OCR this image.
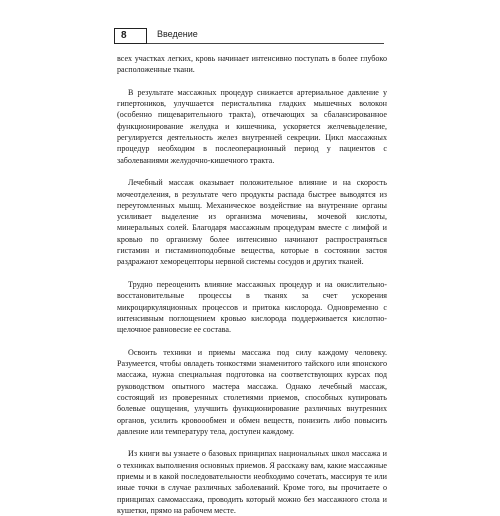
8	Введение

всех участках легких, кровь начинает интенсивно поступать в более глубоко расположенные ткани.

В результате массажных процедур снижается артериальное давление у гипертоников, улучшается перистальтика гладких мышечных волокон (особенно пищеварительного тракта), отвечающих за сбалансированное функционирование желудка и кишечника, ускоряется желчевыделение, регулируется деятельность желез внутренней секреции. Цикл массажных процедур необходим в послеоперационный период у пациентов с заболеваниями желудочно-кишечного тракта.

Лечебный массаж оказывает положительное влияние и на скорость мочеотделения, в результате чего продукты распада быстрее выводятся из переутомленных мышц. Механическое воздействие на внутренние органы усиливает выделение из организма мочевины, мочевой кислоты, минеральных солей. Благодаря массажным процедурам вместе с лимфой и кровью по организму более интенсивно начинают распространяться гистамин и гистаминоподобные вещества, которые в состоянии застоя раздражают хеморецепторы нервной системы сосудов и других тканей.

Трудно переоценить влияние массажных процедур и на окислительно-восстановительные процессы в тканях за счет ускорения микроциркуляционных процессов и притока кислорода. Одновременно с интенсивным поглощением кровью кислорода поддерживается кислотно-щелочное равновесие ее состава.

Освоить техники и приемы массажа под силу каждому человеку. Разумеется, чтобы овладеть тонкостями знаменитого тайского или японского массажа, нужна специальная подготовка на соответствующих курсах под руководством опытного мастера массажа. Однако лечебный массаж, состоящий из проверенных столетиями приемов, способных купировать болевые ощущения, улучшить функционирование различных внутренних органов, усилить кровоообмен и обмен веществ, понизить либо повысить давление или температуру тела, доступен каждому.

Из книги вы узнаете о базовых принципах национальных школ массажа и о техниках выполнения основных приемов. Я расскажу вам, какие массажные приемы и в какой последовательности необходимо сочетать, массируя те или иные точки в случае различных заболеваний. Кроме того, вы прочитаете о принципах самомассажа, проводить который можно без массажного стола и кушетки, прямо на рабочем месте.
